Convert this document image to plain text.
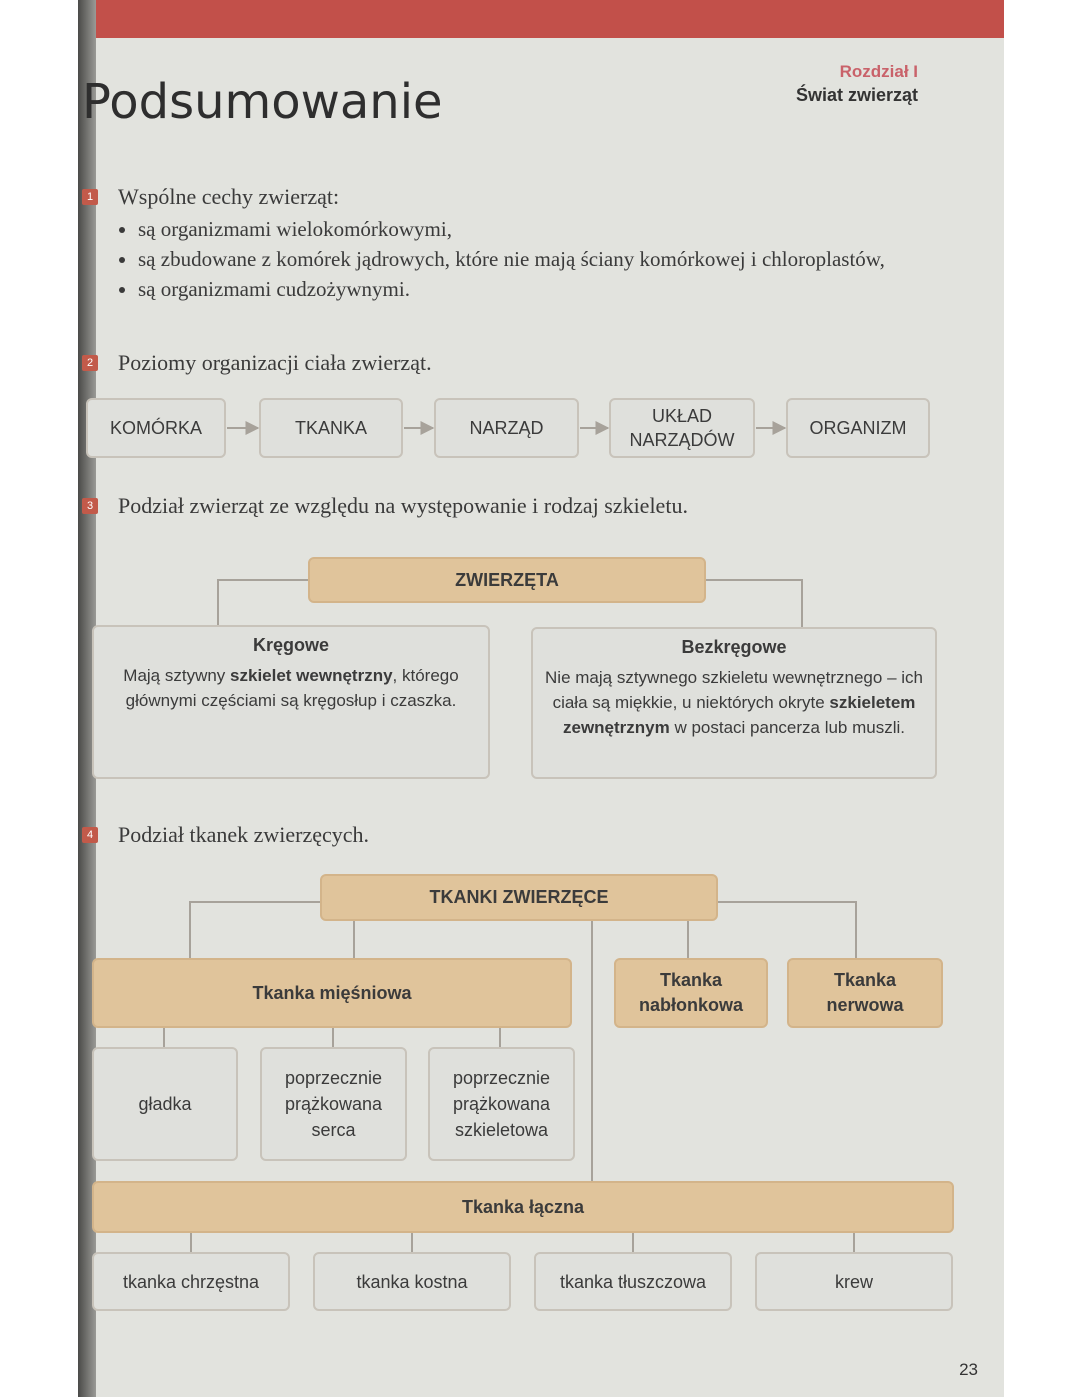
Podsumowanie
Rozdział I
Świat zwierząt
1 Wspólne cechy zwierząt:
• są organizmami wielokomórkowymi,
• są zbudowane z komórek jądrowych, które nie mają ściany komórkowej i chloroplastów,
• są organizmami cudzożywnymi.
2 Poziomy organizacji ciała zwierząt.
KOMÓRKA	TKANKA	NARZĄD
UKŁAD NARZĄDÓW
ORGANIZM
3 Podział zwierząt ze względu na występowanie i rodzaj szkieletu.
ZWIERZĘTA
Kręgowe
Mają sztywny szkielet wewnętrzny, którego głównymi częściami są kręgosłup i czaszka.
Bezkręgowe
Nie mają sztywnego szkieletu wewnętrznego – ich ciała są miękkie, u niektórych okryte szkieletem zewnętrznym w postaci pancerza lub muszli.
4 Podział tkanek zwierzęcych.
TKANKI ZWIERZĘCE
Tkanka mięśniowa
Tkanka nabłonkowa
Tkanka nerwowa
gładka
poprzecznie prążkowana serca
poprzecznie prążkowana szkieletowa
Tkanka łączna
tkanka chrzęstna	tkanka kostna	tkanka tłuszczowa	krew
23
